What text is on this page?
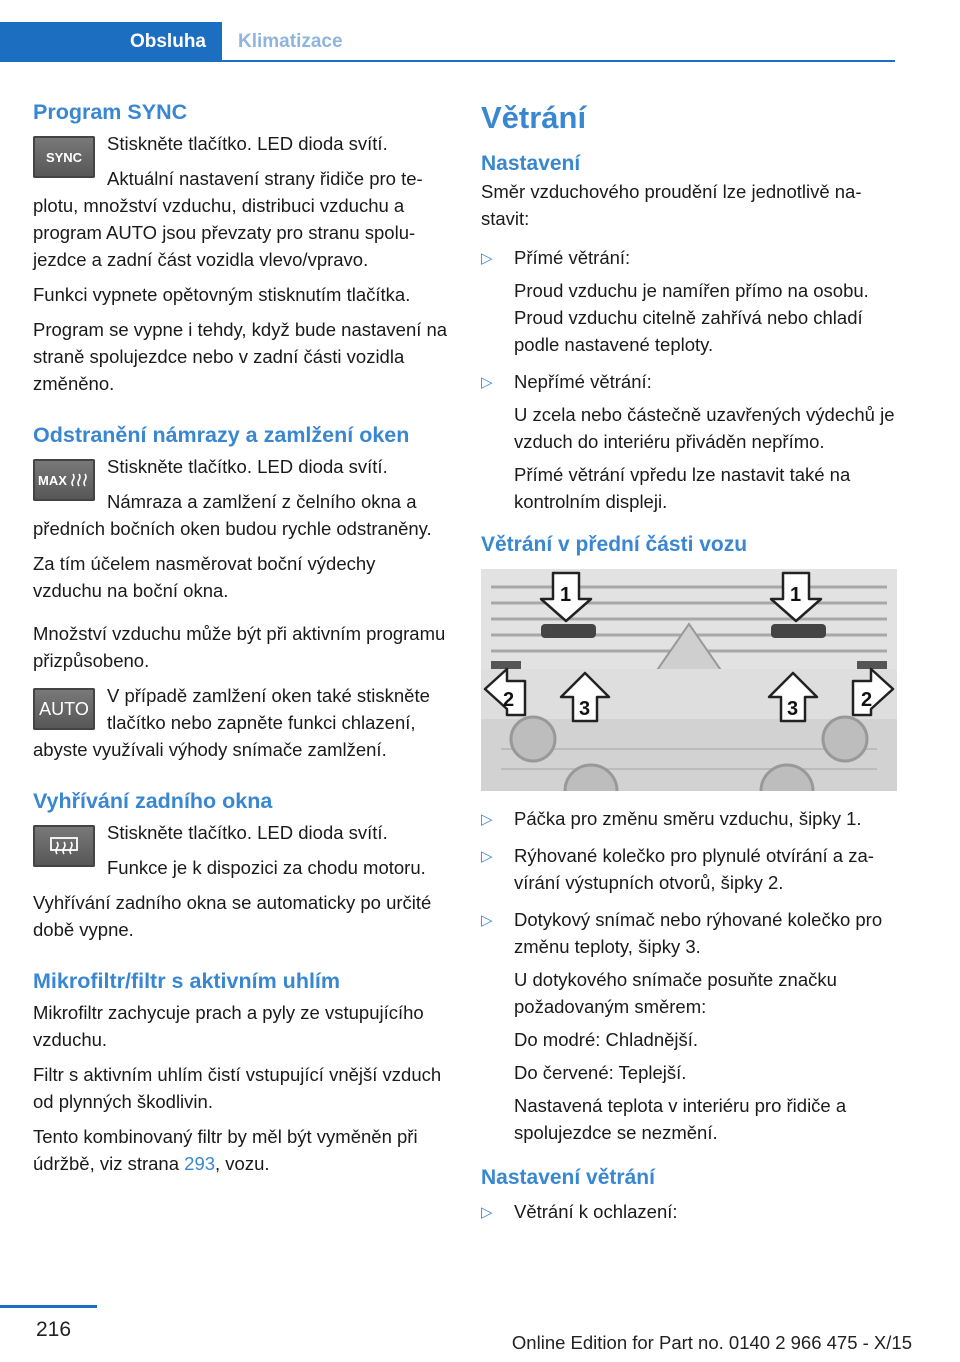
Obsluha Klimatizace
Program SYNC
SYNC

Stiskněte tlačítko. LED dioda svítí.

Aktuální nastavení strany řidiče pro teplotu, množství vzduchu, distribuci vzduchu a program AUTO jsou převzaty pro stranu spolujezdce a zadní část vozidla vlevo/vpravo.

Funkci vypnete opětovným stisknutím tlačítka.

Program se vypne i tehdy, když bude nastavení na straně spolujezdce nebo v zadní části vozidla změněno.

Odstranění námrazy a zamlžení oken
MAX

Stiskněte tlačítko. LED dioda svítí.

Námraza a zamlžení z čelního okna a předních bočních oken budou rychle odstraněny.

Za tím účelem nasměrovat boční výdechy vzduchu na boční okna.

Množství vzduchu může být při aktivním programu přizpůsobeno.

AUTO

V případě zamlžení oken také stiskněte tlačítko nebo zapněte funkci chlazení, abyste využívali výhody snímače zamlžení.

Vyhřívání zadního okna

Stiskněte tlačítko. LED dioda svítí.

Funkce je k dispozici za chodu motoru.

Vyhřívání zadního okna se automaticky po určité době vypne.

Mikrofiltr/filtr s aktivním uhlím

Mikrofiltr zachycuje prach a pyly ze vstupujícího vzduchu.

Filtr s aktivním uhlím čistí vstupující vnější vzduch od plynných škodlivin.

Tento kombinovaný filtr by měl být vyměněn při údržbě, viz strana 293, vozu.

Větrání
Nastavení

Směr vzduchového proudění lze jednotlivě nastavit:

▷ Přímé větrání:
Proud vzduchu je namířen přímo na osobu. Proud vzduchu citelně zahřívá nebo chladí podle nastavené teploty.
▷ Nepřímé větrání:
U zcela nebo částečně uzavřených výdechů je vzduch do interiéru přiváděn nepřímo.
Přímé větrání vpředu lze nastavit také na kontrolním displeji.
Větrání v přední části vozu
1	1
2	3	3	2
▷ Páčka pro změnu směru vzduchu, šipky 1.
▷ Rýhované kolečko pro plynulé otvírání a zavírání výstupních otvorů, šipky 2.
▷ Dotykový snímač nebo rýhované kolečko pro změnu teploty, šipky 3.
U dotykového snímače posuňte značku požadovaným směrem:
Do modré: Chladnější.
Do červené: Teplejší.
Nastavená teplota v interiéru pro řidiče a spolujezdce se nezmění.
Nastavení větrání
▷ Větrání k ochlazení:
216
Online Edition for Part no. 0140 2 966 475 - X/15
